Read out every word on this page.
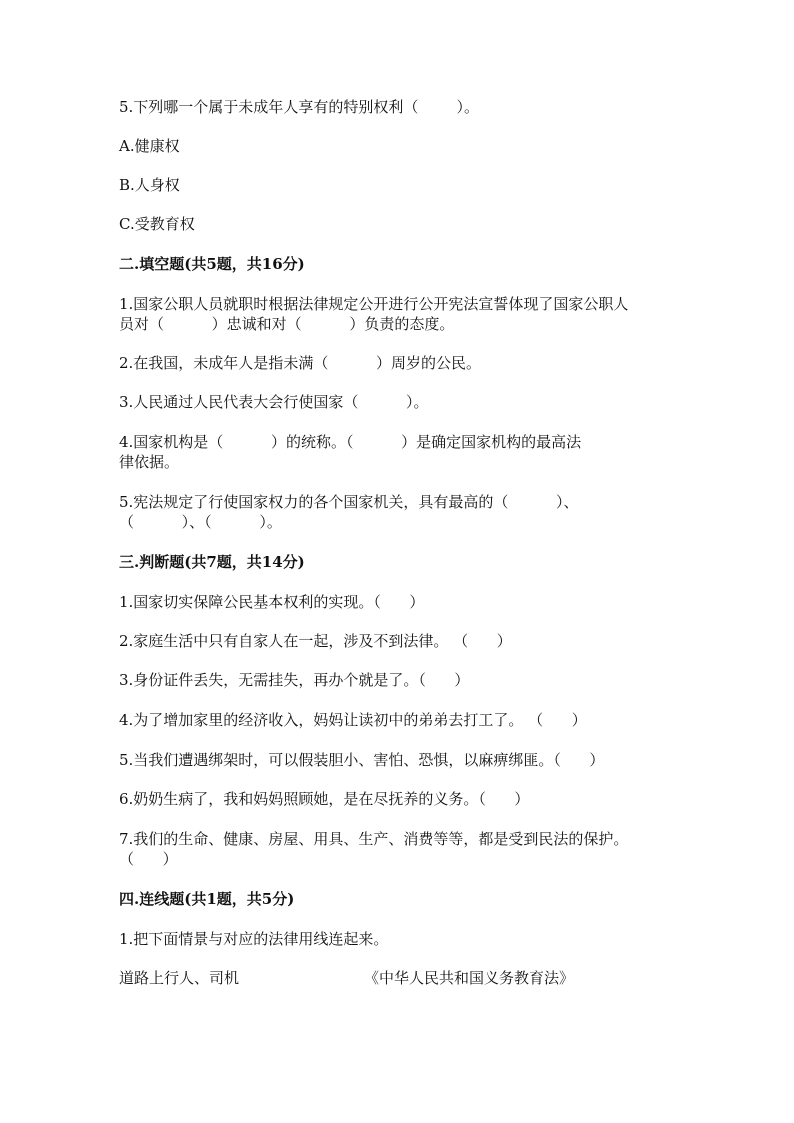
5.下列哪一个属于未成年人享有的特别权利（        ）。
A.健康权
B.人身权
C.受教育权
二.填空题(共5题，共16分)
1.国家公职人员就职时根据法律规定公开进行公开宪法宣誓体现了国家公职人
员对（          ）忠诚和对（          ）负责的态度。
2.在我国，未成年人是指未满（          ）周岁的公民。
3.人民通过人民代表大会行使国家（          ）。
4.国家机构是（          ）的统称。（          ）是确定国家机构的最高法
律依据。
5.宪法规定了行使国家权力的各个国家机关，具有最高的（          ）、
（          ）、（          ）。
三.判断题(共7题，共14分)
1.国家切实保障公民基本权利的实现。（      ）
2.家庭生活中只有自家人在一起，涉及不到法律。 （      ）
3.身份证件丢失，无需挂失，再办个就是了。（      ）
4.为了增加家里的经济收入，妈妈让读初中的弟弟去打工了。 （      ）
5.当我们遭遇绑架时，可以假装胆小、害怕、恐惧，以麻痹绑匪。（      ）
6.奶奶生病了，我和妈妈照顾她，是在尽抚养的义务。（      ）
7.我们的生命、健康、房屋、用具、生产、消费等等，都是受到民法的保护。
（      ）
四.连线题(共1题，共5分)
1.把下面情景与对应的法律用线连起来。
道路上行人、司机	《中华人民共和国义务教育法》
